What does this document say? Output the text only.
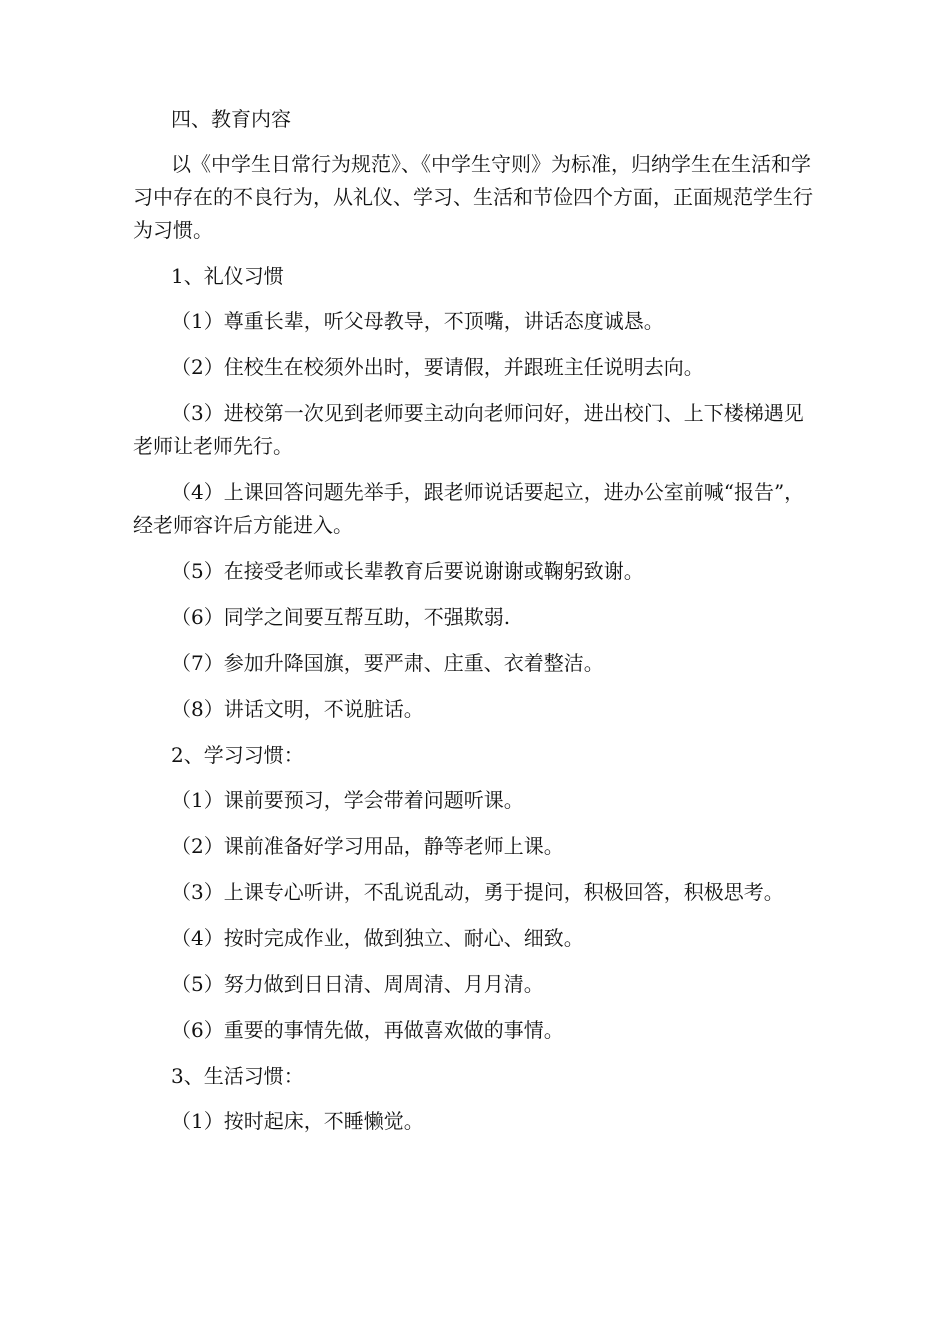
四、教育内容

以《中学生日常行为规范》、《中学生守则》为标准，归纳学生在生活和学习中存在的不良行为，从礼仪、学习、生活和节俭四个方面，正面规范学生行为习惯。

1、礼仪习惯

（1）尊重长辈，听父母教导，不顶嘴，讲话态度诚恳。

（2）住校生在校须外出时，要请假，并跟班主任说明去向。

（3）进校第一次见到老师要主动向老师问好，进出校门、上下楼梯遇见老师让老师先行。

（4）上课回答问题先举手，跟老师说话要起立，进办公室前喊“报告”，经老师容许后方能进入。

（5）在接受老师或长辈教育后要说谢谢或鞠躬致谢。

（6）同学之间要互帮互助，不强欺弱.

（7）参加升降国旗，要严肃、庄重、衣着整洁。

（8）讲话文明，不说脏话。

2、学习习惯：

（1）课前要预习，学会带着问题听课。

（2）课前准备好学习用品，静等老师上课。

（3）上课专心听讲，不乱说乱动，勇于提问，积极回答，积极思考。

（4）按时完成作业，做到独立、耐心、细致。

（5）努力做到日日清、周周清、月月清。

（6）重要的事情先做，再做喜欢做的事情。

3、生活习惯：

（1）按时起床，不睡懒觉。
